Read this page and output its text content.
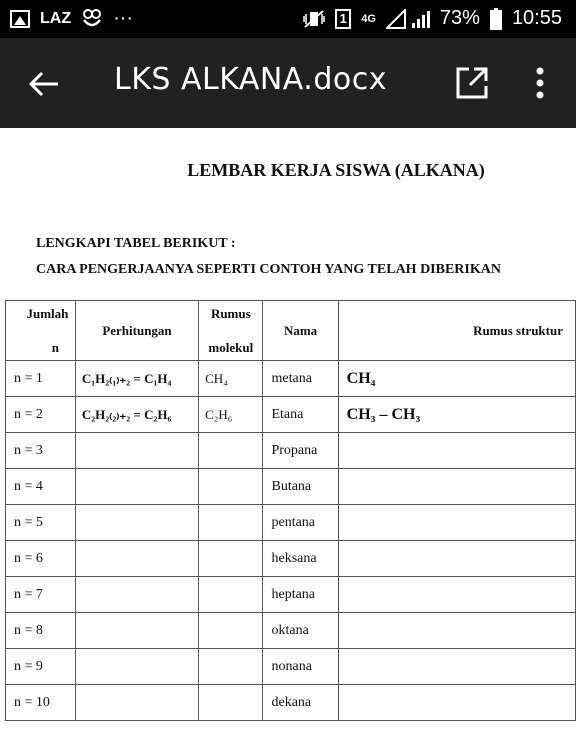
LAZ ···	1	4G	73% 10:55
LKS ALKANA.docx
LEMBAR KERJA SISWA (ALKANA)
LENGKAPI TABEL BERIKUT :
CARA PENGERJAANYA SEPERTI CONTOH YANG TELAH DIBERIKAN
Jumlah
n	Perhitungan	Rumus
molekul	Nama	Rumus struktur
n = 1	C₁H₂₍₁₎₊₂ = C₁H₄	CH₄	metana	CH₄
n = 2	C₂H₂₍₂₎₊₂ = C₂H₆	C₂H₆	Etana	CH₃ – CH₃
n = 3			Propana	
n = 4			Butana	
n = 5			pentana	
n = 6			heksana	
n = 7			heptana	
n = 8			oktana	
n = 9			nonana	
n = 10			dekana	
